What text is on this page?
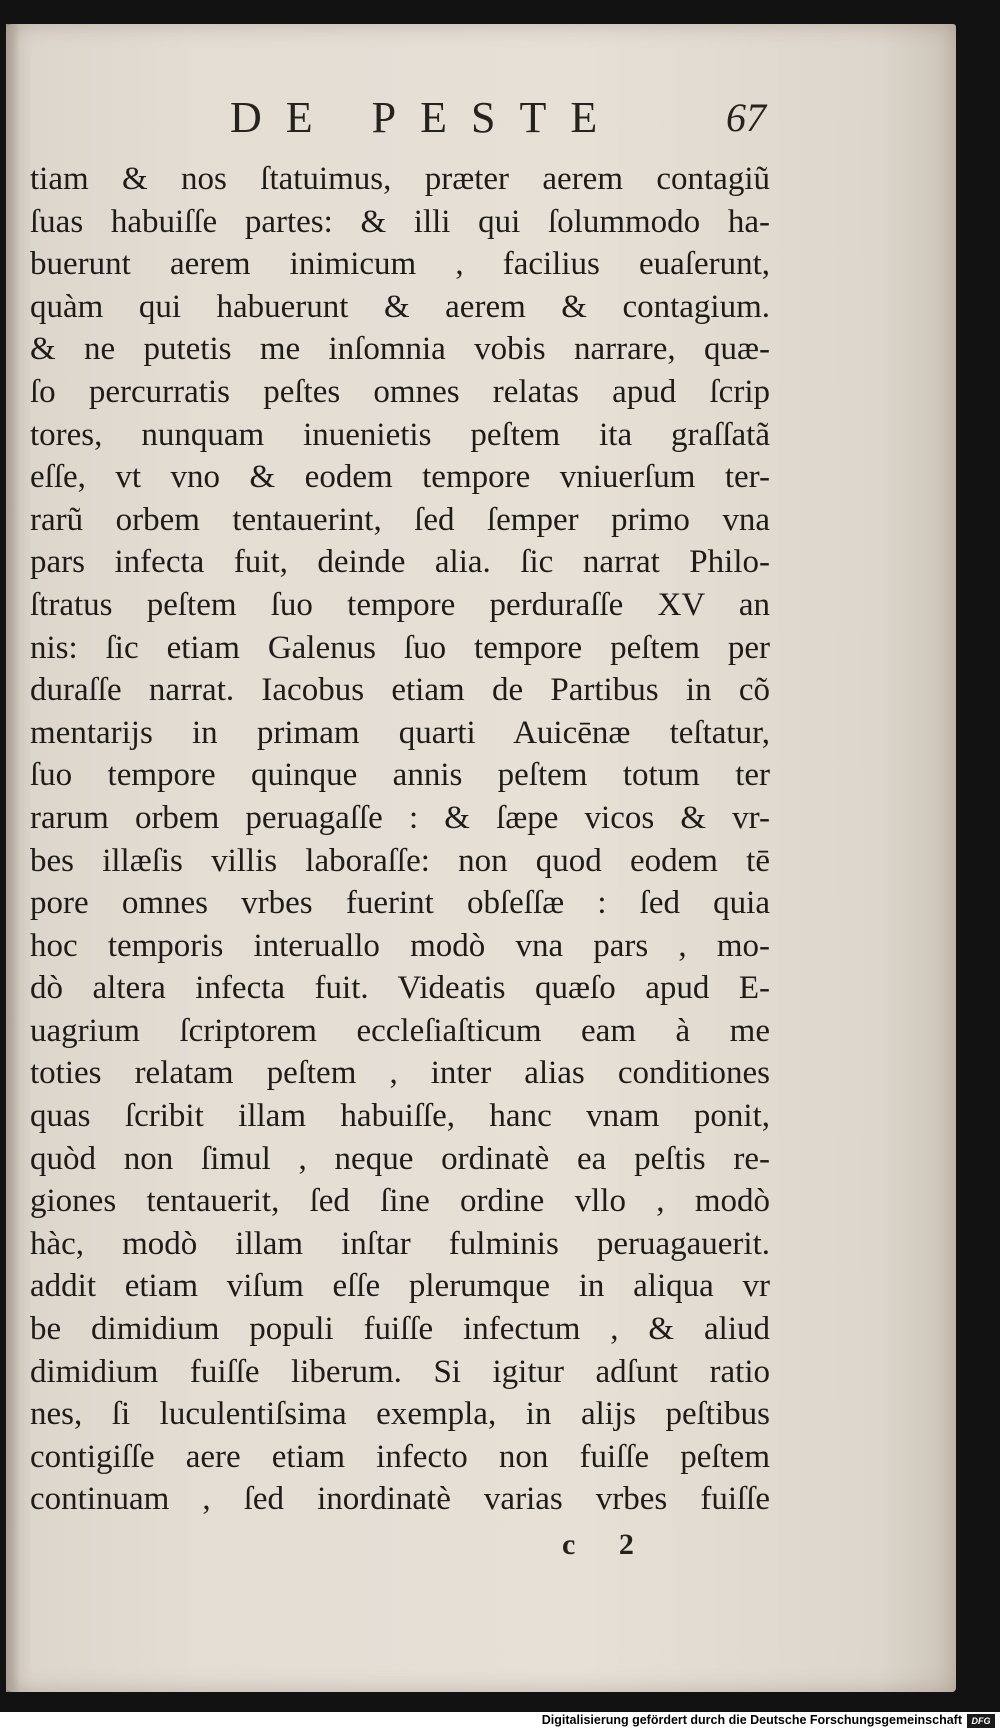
DE PESTE	67
tiam & nos ſtatuimus, præter aerem contagiũ
ſuas habuiſſe partes: & illi qui ſolummodo ha-
buerunt aerem inimicum , facilius euaſerunt,
quàm qui habuerunt & aerem & contagium.
& ne putetis me inſomnia vobis narrare, quæ-
ſo percurratis peſtes omnes relatas apud ſcrip
tores, nunquam inuenietis peſtem ita graſſatã
eſſe, vt vno & eodem tempore vniuerſum ter-
rarũ orbem tentauerint, ſed ſemper primo vna
pars infecta fuit, deinde alia. ſic narrat Philo-
ſtratus peſtem ſuo tempore perduraſſe XV an
nis: ſic etiam Galenus ſuo tempore peſtem per
duraſſe narrat. Iacobus etiam de Partibus in cõ
mentarijs in primam quarti Auicēnæ teſtatur,
ſuo tempore quinque annis peſtem totum ter
rarum orbem peruagaſſe : & ſæpe vicos & vr-
bes illæſis villis laboraſſe: non quod eodem tē
pore omnes vrbes fuerint obſeſſæ : ſed quia
hoc temporis interuallo modò vna pars , mo-
dò altera infecta fuit. Videatis quæſo apud E-
uagrium ſcriptorem eccleſiaſticum eam à me
toties relatam peſtem , inter alias conditiones
quas ſcribit illam habuiſſe, hanc vnam ponit,
quòd non ſimul , neque ordinatè ea peſtis re-
giones tentauerit, ſed ſine ordine vllo , modò
hàc, modò illam inſtar fulminis peruagauerit.
addit etiam viſum eſſe plerumque in aliqua vr
be dimidium populi fuiſſe infectum , & aliud
dimidium fuiſſe liberum. Si igitur adſunt ratio
nes, ſi luculentiſsima exempla, in alijs peſtibus
contigiſſe aere etiam infecto non fuiſſe peſtem
continuam , ſed inordinatè varias vrbes fuiſſe
c 2
Digitalisierung gefördert durch die Deutsche Forschungsgemeinschaft	DFG
